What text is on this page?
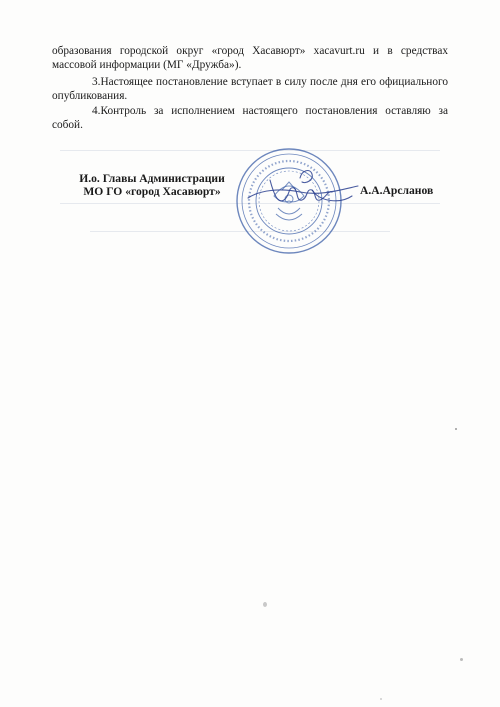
образования городской округ «город Хасавюрт» xacavurt.ru и в средствах массовой информации (МГ «Дружба»).

3.Настоящее постановление вступает в силу после дня его официального опубликования.

4.Контроль за исполнением настоящего постановления оставляю за собой.

И.о. Главы Администрации
МО ГО «город Хасавюрт»	А.А.Арсланов
